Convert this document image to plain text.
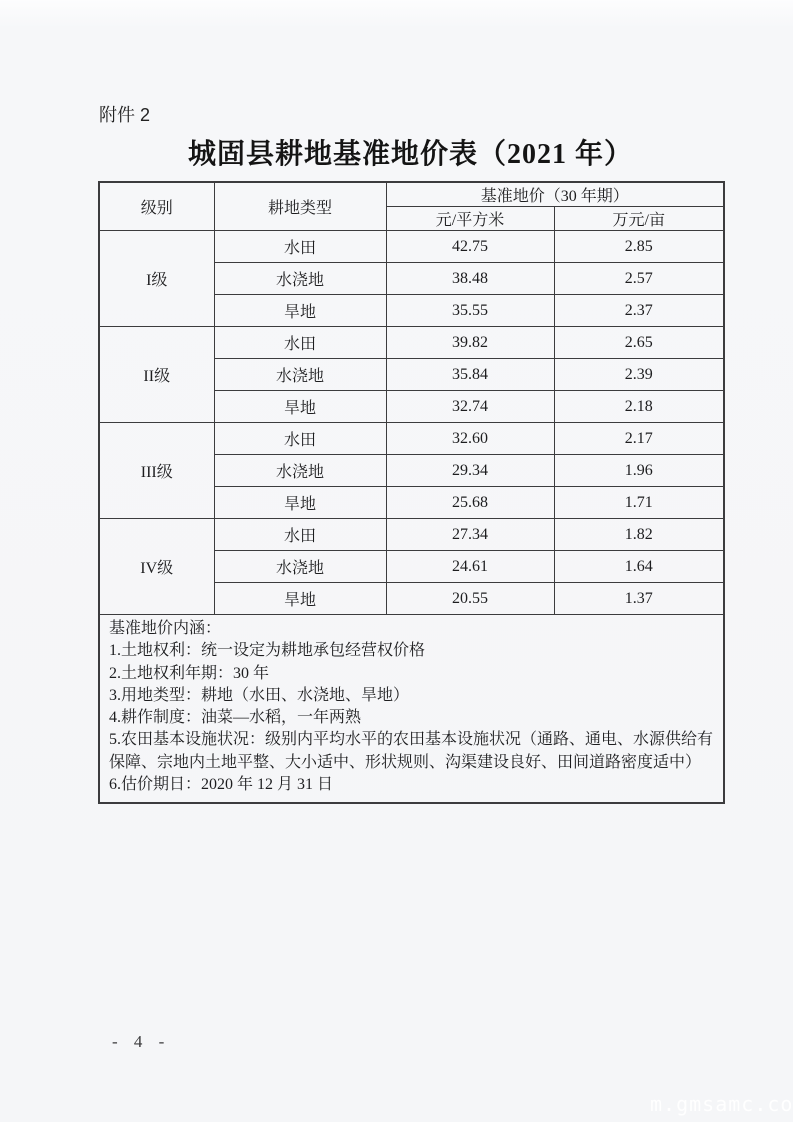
附件 2
城固县耕地基准地价表（2021 年）
级别	耕地类型	基准地价（30 年期）	
		元/平方米	万元/亩
I级	水田	42.75	2.85
	水浇地	38.48	2.57
	旱地	35.55	2.37
II级	水田	39.82	2.65
	水浇地	35.84	2.39
	旱地	32.74	2.18
III级	水田	32.60	2.17
	水浇地	29.34	1.96
	旱地	25.68	1.71
IV级	水田	27.34	1.82
	水浇地	24.61	1.64
	旱地	20.55	1.37

基准地价内涵：
1.土地权利：统一设定为耕地承包经营权价格
2.土地权利年期：30 年
3.用地类型：耕地（水田、水浇地、旱地）
4.耕作制度：油菜—水稻，一年两熟
5.农田基本设施状况：级别内平均水平的农田基本设施状况（通路、通电、水源供给有保障、宗地内土地平整、大小适中、形状规则、沟渠建设良好、田间道路密度适中）
6.估价期日：2020 年 12 月 31 日
- 4 -
m.gmsamc.co
